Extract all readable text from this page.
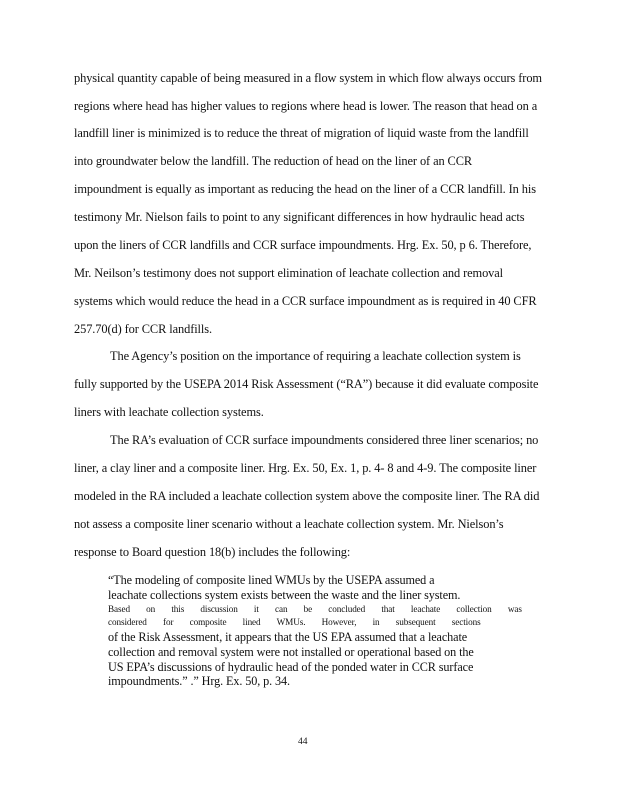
physical quantity capable of being measured in a flow system in which flow always occurs from
regions where head has higher values to regions where head is lower. The reason that head on a
landfill liner is minimized is to reduce the threat of migration of liquid waste from the landfill
into groundwater below the landfill. The reduction of head on the liner of an CCR
impoundment is equally as important as reducing the head on the liner of a CCR landfill. In his
testimony Mr. Nielson fails to point to any significant differences in how hydraulic head acts
upon the liners of CCR landfills and CCR surface impoundments. Hrg. Ex. 50, p 6. Therefore,
Mr. Neilson’s testimony does not support elimination of leachate collection and removal
systems which would reduce the head in a CCR surface impoundment as is required in 40 CFR
257.70(d) for CCR landfills.
The Agency’s position on the importance of requiring a leachate collection system is
fully supported by the USEPA 2014 Risk Assessment (“RA”) because it did evaluate composite
liners with leachate collection systems.
The RA’s evaluation of CCR surface impoundments considered three liner scenarios; no
liner, a clay liner and a composite liner. Hrg. Ex. 50, Ex. 1, p. 4- 8 and 4-9. The composite liner
modeled in the RA included a leachate collection system above the composite liner. The RA did
not assess a composite liner scenario without a leachate collection system. Mr. Nielson’s
response to Board question 18(b) includes the following:
“The modeling of composite lined WMUs by the USEPA assumed a
leachate collections system exists between the waste and the liner system.
Based on this discussion it can be concluded that leachate collection was
considered for composite lined WMUs. However, in subsequent sections
of the Risk Assessment, it appears that the US EPA assumed that a leachate
collection and removal system were not installed or operational based on the
US EPA’s discussions of hydraulic head of the ponded water in CCR surface
impoundments.” .” Hrg. Ex. 50, p. 34.
44
